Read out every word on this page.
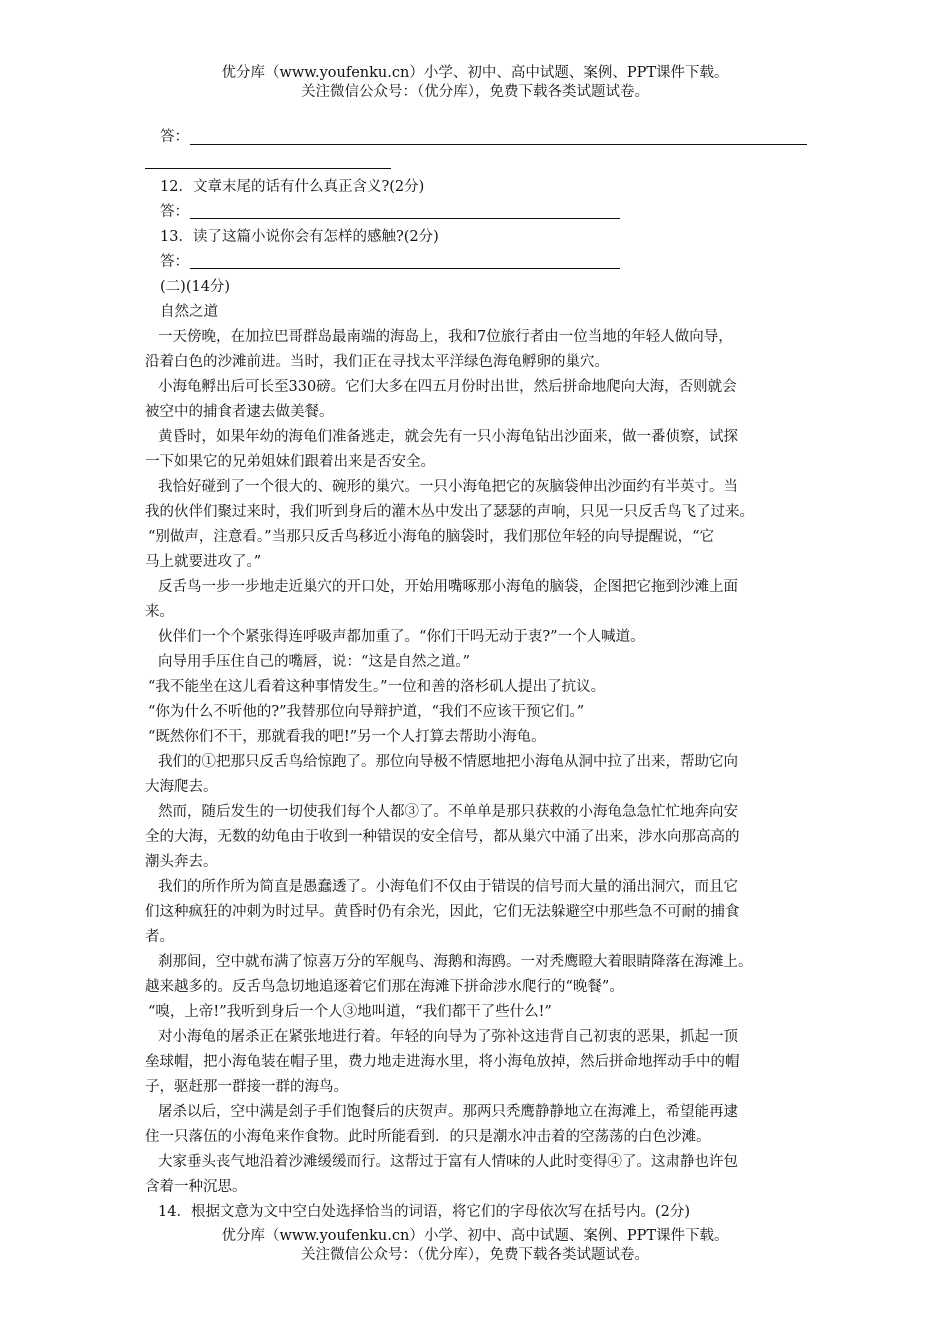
优分库（www.youfenku.cn）小学、初中、高中试题、案例、PPT课件下载。
关注微信公众号：（优分库），免费下载各类试题试卷。
答：
12．文章末尾的话有什么真正含义?(2分)
答：
13．读了这篇小说你会有怎样的感触?(2分)
答：
(二)(14分)
自然之道
一天傍晚，在加拉巴哥群岛最南端的海岛上，我和7位旅行者由一位当地的年轻人做向导，
沿着白色的沙滩前进。当时，我们正在寻找太平洋绿色海龟孵卵的巢穴。
小海龟孵出后可长至330磅。它们大多在四五月份时出世，然后拼命地爬向大海，否则就会
被空中的捕食者逮去做美餐。
黄昏时，如果年幼的海龟们准备逃走，就会先有一只小海龟钻出沙面来，做一番侦察，试探
一下如果它的兄弟姐妹们跟着出来是否安全。
我恰好碰到了一个很大的、碗形的巢穴。一只小海龟把它的灰脑袋伸出沙面约有半英寸。当
我的伙伴们聚过来时，我们听到身后的灌木丛中发出了瑟瑟的声响，只见一只反舌鸟飞了过来。
“别做声，注意看。”当那只反舌鸟移近小海龟的脑袋时，我们那位年轻的向导提醒说，“它
马上就要进攻了。”
反舌鸟一步一步地走近巢穴的开口处，开始用嘴啄那小海龟的脑袋，企图把它拖到沙滩上面
来。
伙伴们一个个紧张得连呼吸声都加重了。“你们干吗无动于衷?”一个人喊道。
向导用手压住自己的嘴唇，说：“这是自然之道。”
“我不能坐在这儿看着这种事情发生。”一位和善的洛杉矶人提出了抗议。
“你为什么不听他的?”我替那位向导辩护道，“我们不应该干预它们。”
“既然你们不干，那就看我的吧!”另一个人打算去帮助小海龟。
我们的①把那只反舌鸟给惊跑了。那位向导极不情愿地把小海龟从洞中拉了出来，帮助它向
大海爬去。
然而，随后发生的一切使我们每个人都③了。不单单是那只获救的小海龟急急忙忙地奔向安
全的大海，无数的幼龟由于收到一种错误的安全信号，都从巢穴中涌了出来，涉水向那高高的
潮头奔去。
我们的所作所为简直是愚蠢透了。小海龟们不仅由于错误的信号而大量的涌出洞穴，而且它
们这种疯狂的冲刺为时过早。黄昏时仍有余光，因此，它们无法躲避空中那些急不可耐的捕食
者。
刹那间，空中就布满了惊喜万分的军舰鸟、海鹅和海鸥。一对秃鹰瞪大着眼睛降落在海滩上。
越来越多的。反舌鸟急切地追逐着它们那在海滩下拼命涉水爬行的“晚餐”。
“嗅，上帝!”我听到身后一个人③地叫道，“我们都干了些什么!”
对小海龟的屠杀正在紧张地进行着。年轻的向导为了弥补这违背自己初衷的恶果，抓起一顶
垒球帽，把小海龟装在帽子里，费力地走进海水里，将小海龟放掉，然后拼命地挥动手中的帽
子，驱赶那一群接一群的海鸟。
屠杀以后，空中满是刽子手们饱餐后的庆贺声。那两只秃鹰静静地立在海滩上，希望能再逮
住一只落伍的小海龟来作食物。此时所能看到．的只是潮水冲击着的空荡荡的白色沙滩。
大家垂头丧气地沿着沙滩缓缓而行。这帮过于富有人情味的人此时变得④了。这肃静也许包
含着一种沉思。
14．根据文意为文中空白处选择恰当的词语，将它们的字母依次写在括号内。(2分)
优分库（www.youfenku.cn）小学、初中、高中试题、案例、PPT课件下载。
关注微信公众号：（优分库），免费下载各类试题试卷。
